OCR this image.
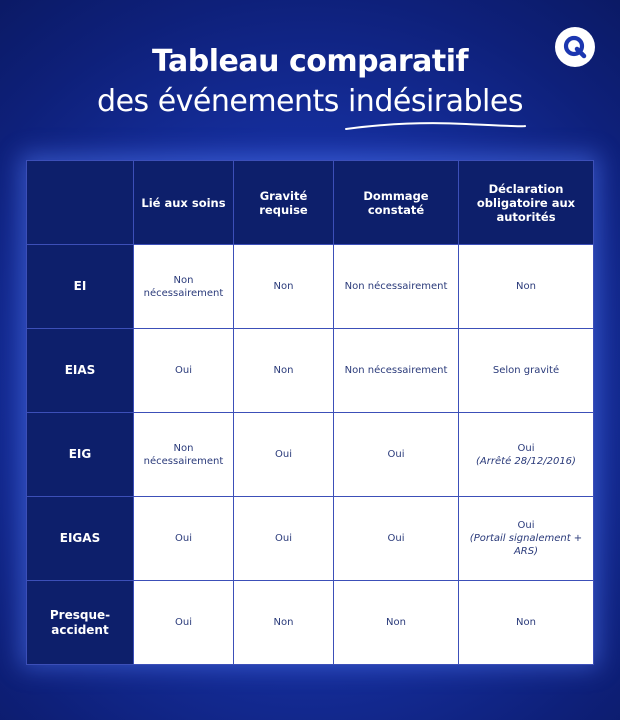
Tableau comparatif
des événements indésirables
	Lié aux soins	Gravité requise	Dommage constaté	Déclaration obligatoire aux autorités
EI	Non nécessairement	Non	Non nécessairement	Non
EIAS	Oui	Non	Non nécessairement	Selon gravité
EIG	Non nécessairement	Oui	Oui	Oui
(Arrêté 28/12/2016)

EIGAS	Oui	Oui	Oui	Oui
(Portail signalement + ARS)

Presque-accident	Oui	Non	Non	Non
